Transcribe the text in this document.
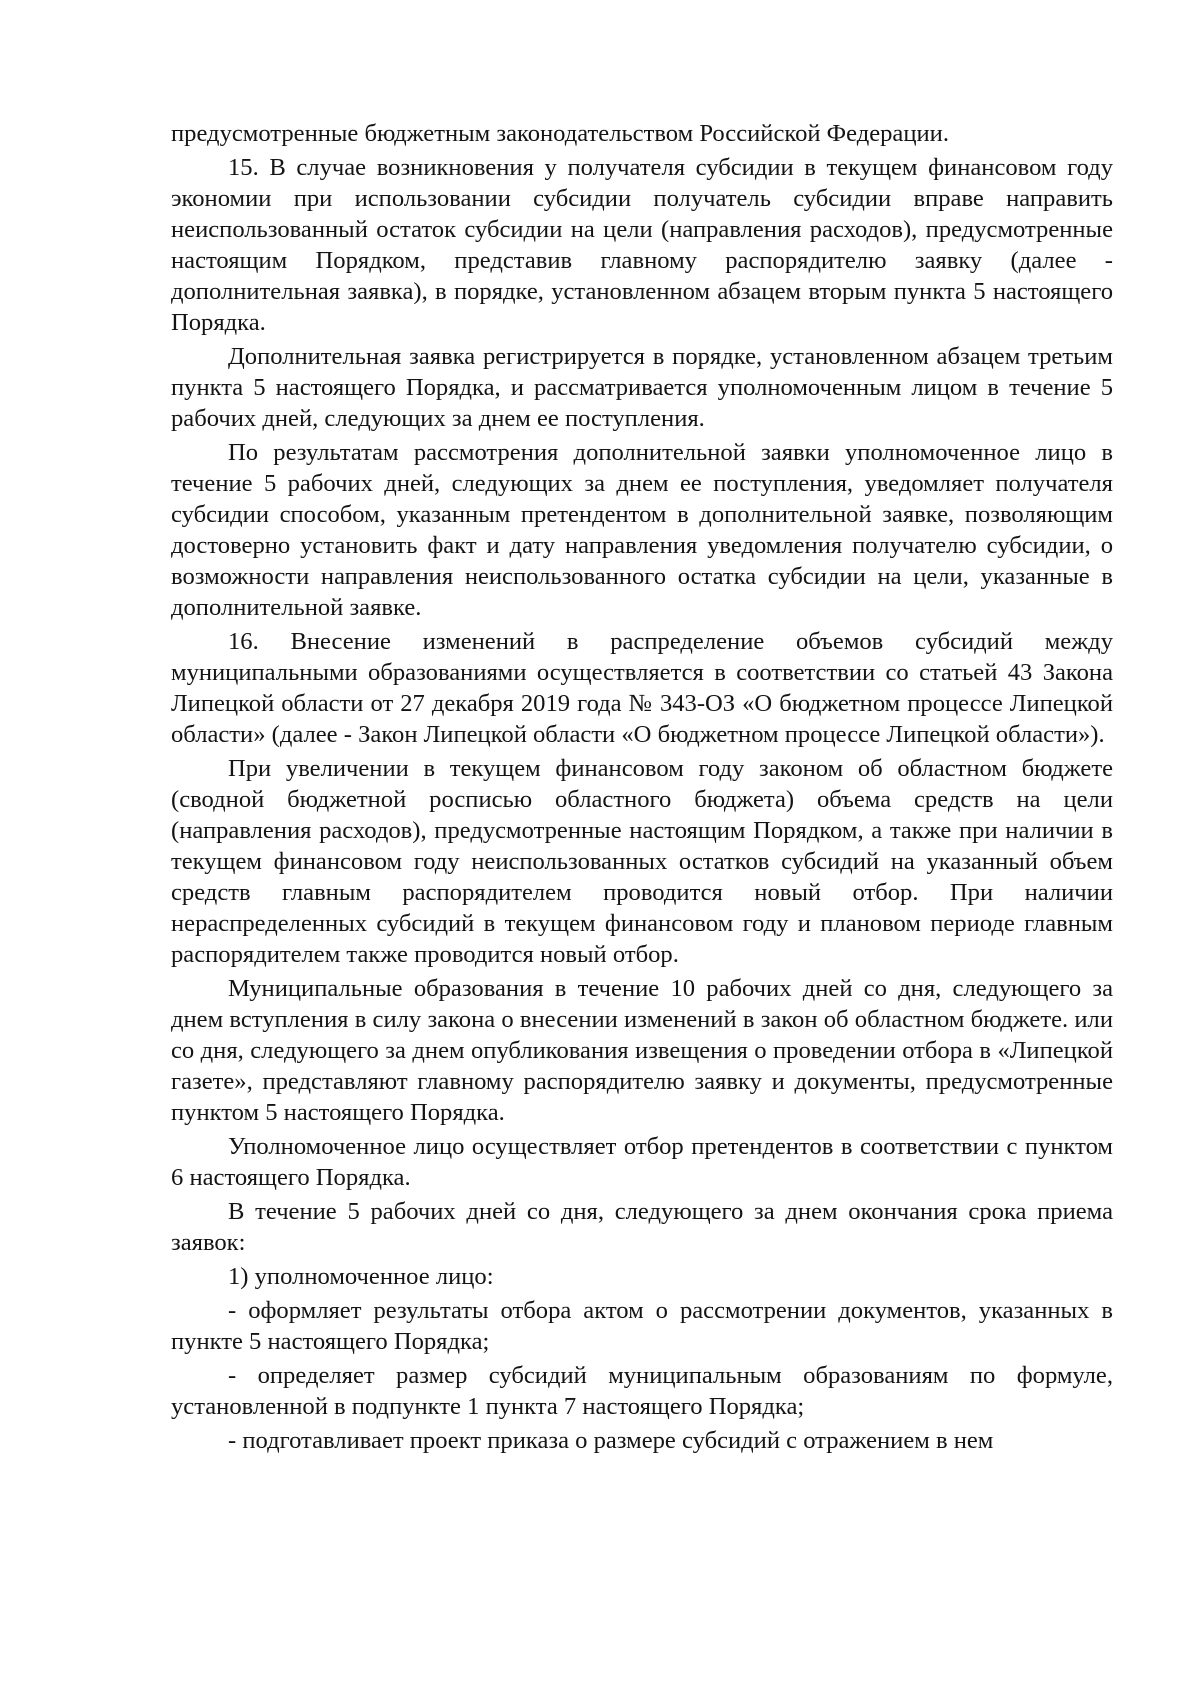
предусмотренные бюджетным законодательством Российской Федерации.

15. В случае возникновения у получателя субсидии в текущем финансовом году экономии при использовании субсидии получатель субсидии вправе направить неиспользованный остаток субсидии на цели (направления расходов), предусмотренные настоящим Порядком, представив главному распорядителю заявку (далее - дополнительная заявка), в порядке, установленном абзацем вторым пункта 5 настоящего Порядка.

Дополнительная заявка регистрируется в порядке, установленном абзацем третьим пункта 5 настоящего Порядка, и рассматривается уполномоченным лицом в течение 5 рабочих дней, следующих за днем ее поступления.

По результатам рассмотрения дополнительной заявки уполномоченное лицо в течение 5 рабочих дней, следующих за днем ее поступления, уведомляет получателя субсидии способом, указанным претендентом в дополнительной заявке, позволяющим достоверно установить факт и дату направления уведомления получателю субсидии, о возможности направления неиспользованного остатка субсидии на цели, указанные в дополнительной заявке.

16. Внесение изменений в распределение объемов субсидий между муниципальными образованиями осуществляется в соответствии со статьей 43 Закона Липецкой области от 27 декабря 2019 года № 343-ОЗ «О бюджетном процессе Липецкой области» (далее - Закон Липецкой области «О бюджетном процессе Липецкой области»).

При увеличении в текущем финансовом году законом об областном бюджете (сводной бюджетной росписью областного бюджета) объема средств на цели (направления расходов), предусмотренные настоящим Порядком, а также при наличии в текущем финансовом году неиспользованных остатков субсидий на указанный объем средств главным распорядителем проводится новый отбор. При наличии нераспределенных субсидий в текущем финансовом году и плановом периоде главным распорядителем также проводится новый отбор.

Муниципальные образования в течение 10 рабочих дней со дня, следующего за днем вступления в силу закона о внесении изменений в закон об областном бюджете. или со дня, следующего за днем опубликования извещения о проведении отбора в «Липецкой газете», представляют главному распорядителю заявку и документы, предусмотренные пунктом 5 настоящего Порядка.

Уполномоченное лицо осуществляет отбор претендентов в соответствии с пунктом 6 настоящего Порядка.

В течение 5 рабочих дней со дня, следующего за днем окончания срока приема заявок:

1) уполномоченное лицо:

- оформляет результаты отбора актом о рассмотрении документов, указанных в пункте 5 настоящего Порядка;

- определяет размер субсидий муниципальным образованиям по формуле, установленной в подпункте 1 пункта 7 настоящего Порядка;

- подготавливает проект приказа о размере субсидий с отражением в нем
